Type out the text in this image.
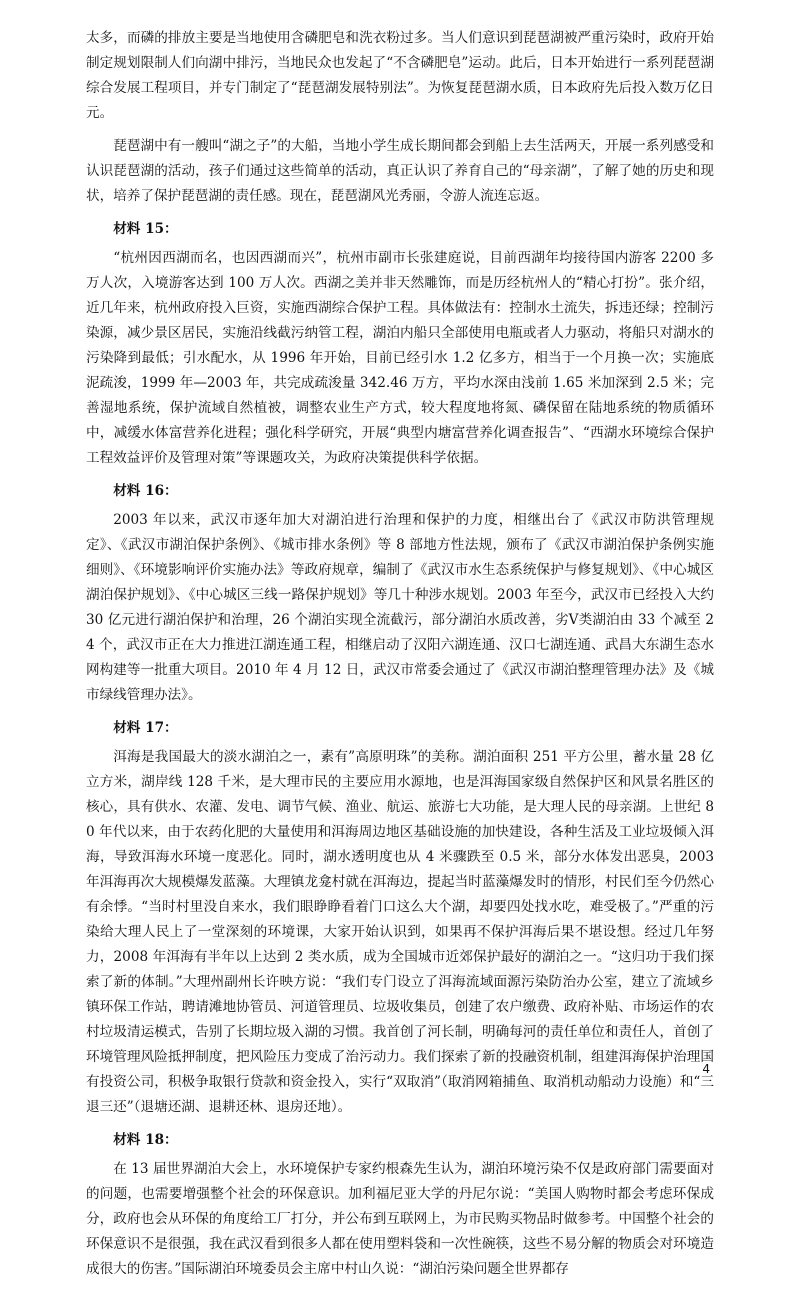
太多，而磷的排放主要是当地使用含磷肥皂和洗衣粉过多。当人们意识到琵琶湖被严重污染时，政府开始制定规划限制人们向湖中排污，当地民众也发起了“不含磷肥皂”运动。此后，日本开始进行一系列琵琶湖综合发展工程项目，并专门制定了“琵琶湖发展特别法”。为恢复琵琶湖水质，日本政府先后投入数万亿日元。

琵琶湖中有一艘叫“湖之子”的大船，当地小学生成长期间都会到船上去生活两天，开展一系列感受和认识琵琶湖的活动，孩子们通过这些简单的活动，真正认识了养育自己的“母亲湖”，了解了她的历史和现状，培养了保护琵琶湖的责任感。现在，琵琶湖风光秀丽，令游人流连忘返。

材料 15：

“杭州因西湖而名，也因西湖而兴”，杭州市副市长张建庭说，目前西湖年均接待国内游客 2200 多万人次，入境游客达到 100 万人次。西湖之美并非天然雕饰，而是历经杭州人的“精心打扮”。张介绍，近几年来，杭州政府投入巨资，实施西湖综合保护工程。具体做法有：控制水土流失，拆违还绿；控制污染源，减少景区居民，实施沿线截污纳管工程，湖泊内船只全部使用电瓶或者人力驱动，将船只对湖水的污染降到最低；引水配水，从 1996 年开始，目前已经引水 1.2 亿多方，相当于一个月换一次；实施底泥疏浚，1999 年—2003 年，共完成疏浚量 342.46 万方，平均水深由浅前 1.65 米加深到 2.5 米；完善湿地系统，保护流域自然植被，调整农业生产方式，较大程度地将氮、磷保留在陆地系统的物质循环中，减缓水体富营养化进程；强化科学研究，开展“典型内塘富营养化调查报告”、“西湖水环境综合保护工程效益评价及管理对策”等课题攻关，为政府决策提供科学依据。

材料 16：

2003 年以来，武汉市逐年加大对湖泊进行治理和保护的力度，相继出台了《武汉市防洪管理规定》、《武汉市湖泊保护条例》、《城市排水条例》等 8 部地方性法规，颁布了《武汉市湖泊保护条例实施细则》、《环境影响评价实施办法》等政府规章，编制了《武汉市水生态系统保护与修复规划》、《中心城区湖泊保护规划》、《中心城区三线一路保护规划》等几十种涉水规划。2003 年至今，武汉市已经投入大约 30 亿元进行湖泊保护和治理，26 个湖泊实现全流截污，部分湖泊水质改善，劣Ⅴ类湖泊由 33 个减至 24 个，武汉市正在大力推进江湖连通工程，相继启动了汉阳六湖连通、汉口七湖连通、武昌大东湖生态水网构建等一批重大项目。2010 年 4 月 12 日，武汉市常委会通过了《武汉市湖泊整理管理办法》及《城市绿线管理办法》。

材料 17：

洱海是我国最大的淡水湖泊之一，素有”高原明珠”的美称。湖泊面积 251 平方公里，蓄水量 28 亿立方米，湖岸线 128 千米，是大理市民的主要应用水源地，也是洱海国家级自然保护区和风景名胜区的核心，具有供水、农灌、发电、调节气候、渔业、航运、旅游七大功能，是大理人民的母亲湖。上世纪 80 年代以来，由于农药化肥的大量使用和洱海周边地区基础设施的加快建设，各种生活及工业垃圾倾入洱海，导致洱海水环境一度恶化。同时，湖水透明度也从 4 米骤跌至 0.5 米，部分水体发出恶臭，2003 年洱海再次大规模爆发蓝藻。大理镇龙龛村就在洱海边，提起当时蓝藻爆发时的情形，村民们至今仍然心有余悸。“当时村里没自来水，我们眼睁睁看着门口这么大个湖，却要四处找水吃，难受极了。”严重的污染给大理人民上了一堂深刻的环境课，大家开始认识到，如果再不保护洱海后果不堪设想。经过几年努力，2008 年洱海有半年以上达到 2 类水质，成为全国城市近郊保护最好的湖泊之一。“这归功于我们探索了新的体制。”大理州副州长许映方说：“我们专门设立了洱海流域面源污染防治办公室，建立了流域乡镇环保工作站，聘请滩地协管员、河道管理员、垃圾收集员，创建了农户缴费、政府补贴、市场运作的农村垃圾清运模式，告别了长期垃圾入湖的习惯。我首创了河长制，明确每河的责任单位和责任人，首创了环境管理风险抵押制度，把风险压力变成了治污动力。我们探索了新的投融资机制，组建洱海保护治理国有投资公司，积极争取银行贷款和资金投入，实行“双取消”（取消网箱捕鱼、取消机动船动力设施）和“三退三还”（退塘还湖、退耕还林、退房还地）。

材料 18：

在 13 届世界湖泊大会上，水环境保护专家约根森先生认为，湖泊环境污染不仅是政府部门需要面对的问题，也需要增强整个社会的环保意识。加利福尼亚大学的丹尼尔说：“美国人购物时都会考虑环保成分，政府也会从环保的角度给工厂打分，并公布到互联网上，为市民购买物品时做参考。中国整个社会的环保意识不是很强，我在武汉看到很多人都在使用塑料袋和一次性碗筷，这些不易分解的物质会对环境造成很大的伤害。”国际湖泊环境委员会主席中村山久说：“湖泊污染问题全世界都存

4
